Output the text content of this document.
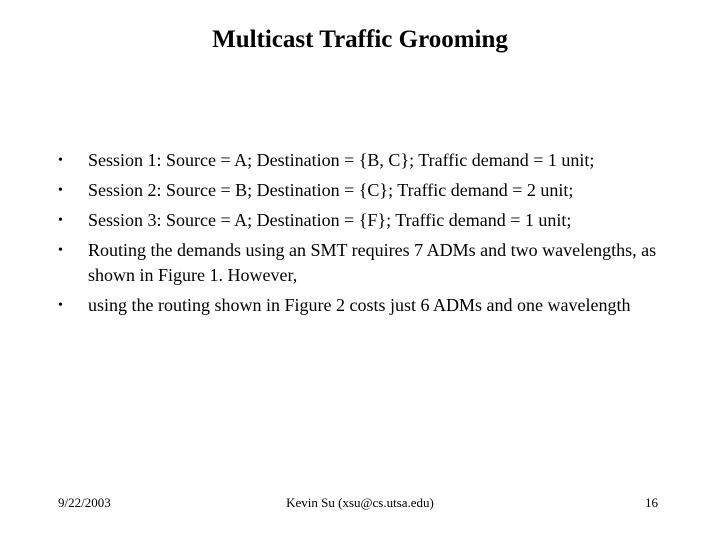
Multicast Traffic Grooming
•	Session 1: Source = A; Destination = {B, C}; Traffic demand = 1 unit;
•	Session 2: Source = B; Destination = {C}; Traffic demand = 2 unit;
•	Session 3: Source = A; Destination = {F}; Traffic demand = 1 unit;
•	Routing the demands using an SMT requires 7 ADMs and two wavelengths, as shown in Figure 1. However,
•	using the routing shown in Figure 2 costs just 6 ADMs and one wavelength
9/22/2003	Kevin Su (xsu@cs.utsa.edu)	16
